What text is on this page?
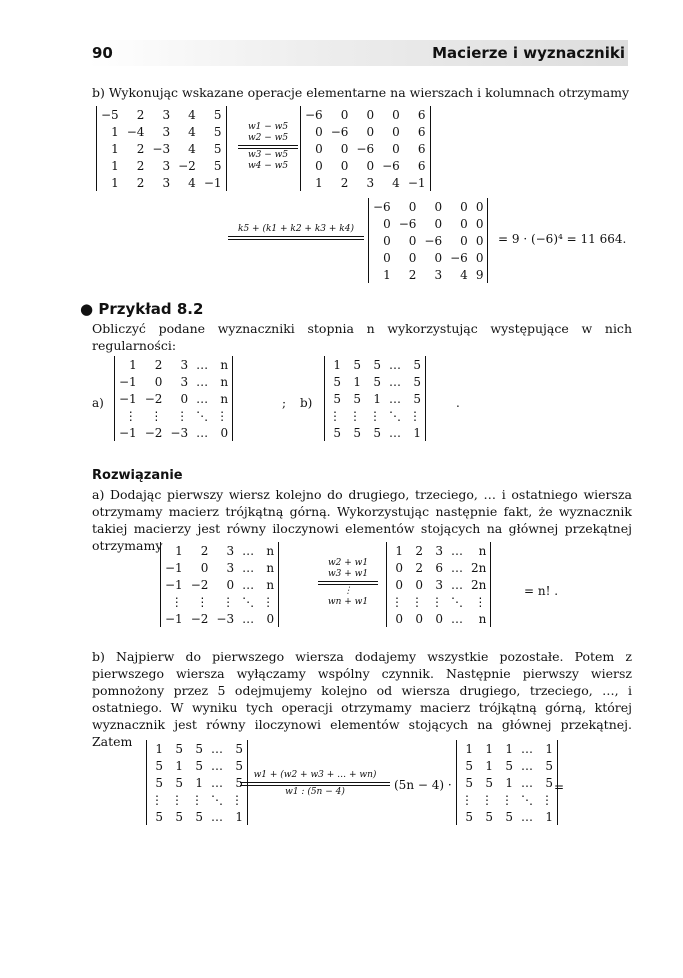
90	Macierze i wyznaczniki
b) Wykonując wskazane operacje elementarne na wierszach i kolumnach otrzymamy
−5	2	3	4	5
1	−4	3	4	5
1	2	−3	4	5
1	2	3	−2	5
1	2	3	4	−1
w1 − w5
w2 − w5
w3 − w5
w4 − w5
−6	0	0	0	6
0	−6	0	0	6
0	0	−6	0	6
0	0	0	−6	6
1	2	3	4	−1
k5 + (k1 + k2 + k3 + k4)
−6	0	0	0	0
0	−6	0	0	0
0	0	−6	0	0
0	0	0	−6	0
1	2	3	4	9
= 9 · (−6)⁴ = 11 664.
● Przykład 8.2
Obliczyć podane wyznaczniki stopnia n wykorzystując występujące w nich regularności:
a)
1	2	3	…	n
−1	0	3	…	n
−1	−2	0	…	n
⋮	⋮	⋮	⋱	⋮
−1	−2	−3	…	0
; b)
1	5	5	…	5
5	1	5	…	5
5	5	1	…	5
⋮	⋮	⋮	⋱	⋮
5	5	5	…	1
.
Rozwiązanie
a) Dodając pierwszy wiersz kolejno do drugiego, trzeciego, … i ostatniego wiersza otrzymamy macierz trójkątną górną. Wykorzystując następnie fakt, że wyznacznik takiej macierzy jest równy iloczynowi elementów stojących na głównej przekątnej otrzymamy	1	2	3	…	n
−1	0	3	…	n
−1	−2	0	…	n
⋮	⋮	⋮	⋱	⋮
−1	−2	−3	…	0
w2 + w1
w3 + w1
⋮
wn + w1
1	2	3	…	n
0	2	6	…	2n
0	0	3	…	2n
⋮	⋮	⋮	⋱	⋮
0	0	0	…	n
= n! .
b) Najpierw do pierwszego wiersza dodajemy wszystkie pozostałe. Potem z pierwszego wiersza wyłączamy wspólny czynnik. Następnie pierwszy wiersz pomnożony przez 5 odejmujemy kolejno od wiersza drugiego, trzeciego, …, i ostatniego. W wyniku tych operacji otrzymamy macierz trójkątną górną, której wyznacznik jest równy iloczynowi elementów stojących na głównej przekątnej. Zatem	1	5	5	…	5
5	1	5	…	5
5	5	1	…	5
⋮	⋮	⋮	⋱	⋮
5	5	5	…	1
w1 + (w2 + w3 + … + wn)
w1 : (5n − 4)	(5n − 4) ·
1	1	1	…	1
5	1	5	…	5
5	5	1	…	5
⋮	⋮	⋮	⋱	⋮
5	5	5	…	1
=
